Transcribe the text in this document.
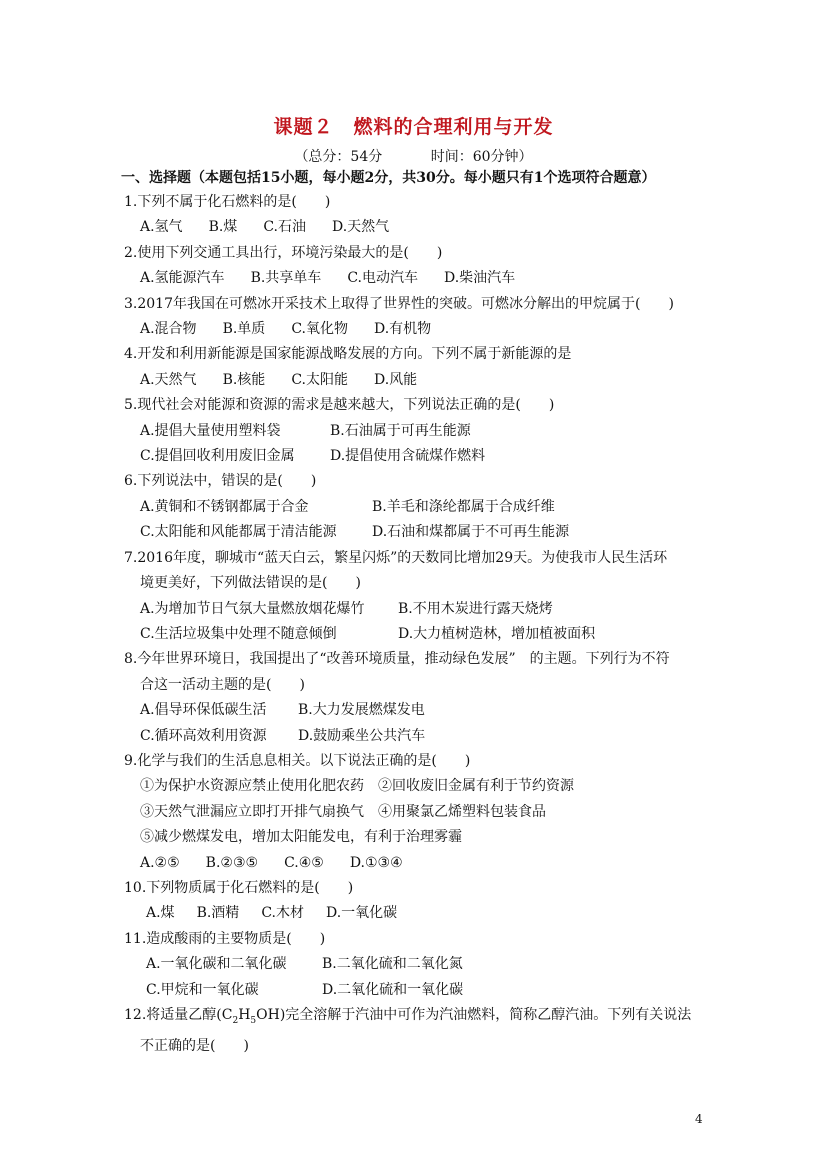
课题２　燃料的合理利用与开发
（总分：54分	时间：60分钟）
一、选择题（本题包括15小题，每小题2分，共30分。每小题只有1个选项符合题意）
1.下列不属于化石燃料的是(　　)
A.氢气 B.煤 C.石油 D.天然气
2.使用下列交通工具出行，环境污染最大的是(　　)
A.氢能源汽车 B.共享单车 C.电动汽车 D.柴油汽车
3.2017年我国在可燃冰开采技术上取得了世界性的突破。可燃冰分解出的甲烷属于(　　)
A.混合物 B.单质 C.氧化物 D.有机物
4.开发和利用新能源是国家能源战略发展的方向。下列不属于新能源的是
A.天然气 B.核能 C.太阳能 D.风能
5.现代社会对能源和资源的需求是越来越大，下列说法正确的是(　　)
A.提倡大量使用塑料袋	B.石油属于可再生能源
C.提倡回收利用废旧金属	D.提倡使用含硫煤作燃料
6.下列说法中，错误的是(　　)
A.黄铜和不锈钢都属于合金	B.羊毛和涤纶都属于合成纤维
C.太阳能和风能都属于清洁能源	D.石油和煤都属于不可再生能源
7.2016年度，聊城市“蓝天白云，繁星闪烁”的天数同比增加29天。为使我市人民生活环
境更美好，下列做法错误的是(　　)
A.为增加节日气氛大量燃放烟花爆竹 B.不用木炭进行露天烧烤
C.生活垃圾集中处理不随意倾倒	D.大力植树造林，增加植被面积
8.今年世界环境日，我国提出了“改善环境质量，推动绿色发展”　的主题。下列行为不符
合这一活动主题的是(　　)
A.倡导环保低碳生活 B.大力发展燃煤发电
C.循环高效利用资源 D.鼓励乘坐公共汽车
9.化学与我们的生活息息相关。以下说法正确的是(　　)
①为保护水资源应禁止使用化肥农药　②回收废旧金属有利于节约资源
③天然气泄漏应立即打开排气扇换气　④用聚氯乙烯塑料包装食品
⑤减少燃煤发电，增加太阳能发电，有利于治理雾霾
A.②⑤ B.②③⑤ C.④⑤ D.①③④
10.下列物质属于化石燃料的是(　　)
A.煤 B.酒精 C.木材 D.一氧化碳
11.造成酸雨的主要物质是(　　)
A.一氧化碳和二氧化碳	B.二氧化硫和二氧化氮
C.甲烷和一氧化碳	D.二氧化硫和一氧化碳
12.将适量乙醇$(C_2H_5OH)$完全溶解于汽油中可作为汽油燃料，简称乙醇汽油。下列有关说法
不正确的是(　　)
4
